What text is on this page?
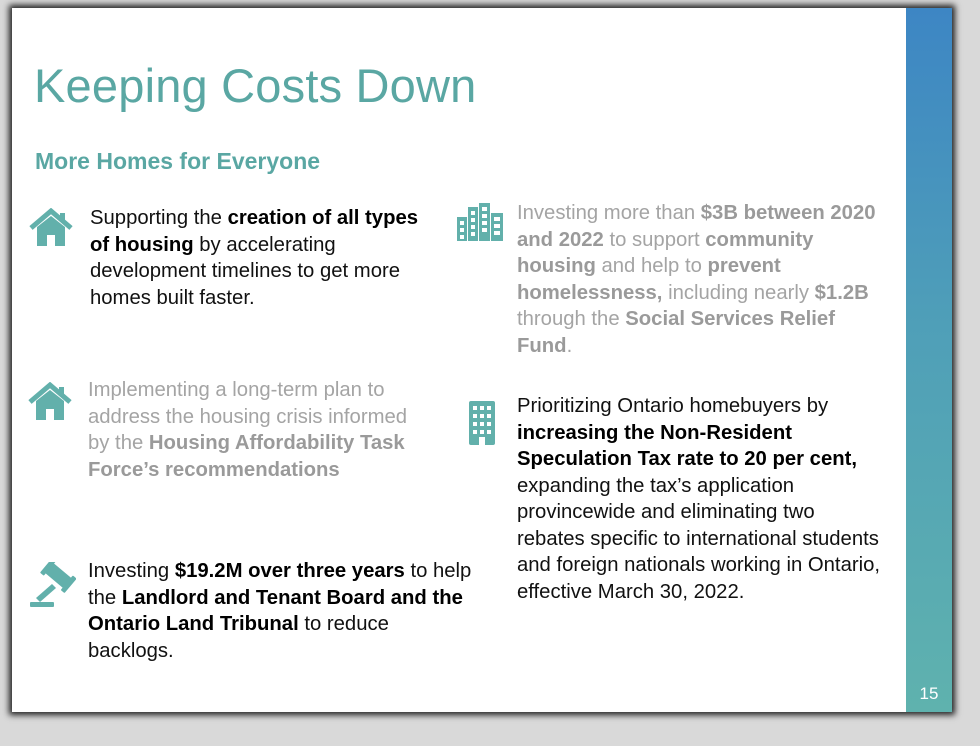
15
Keeping Costs Down
More Homes for Everyone

Supporting the creation of all types of housing by accelerating development timelines to get more homes built faster.

Implementing a long-term plan to address the housing crisis informed by the Housing Affordability Task Force’s recommendations

Investing $19.2M over three years to help the Landlord and Tenant Board and the Ontario Land Tribunal to reduce backlogs.

Investing more than $3B between 2020 and 2022 to support community housing and help to prevent homelessness, including nearly $1.2B through the Social Services Relief Fund.

Prioritizing Ontario homebuyers by increasing the Non-Resident Speculation Tax rate to 20 per cent, expanding the tax’s application provincewide and eliminating two rebates specific to international students and foreign nationals working in Ontario, effective March 30, 2022.
